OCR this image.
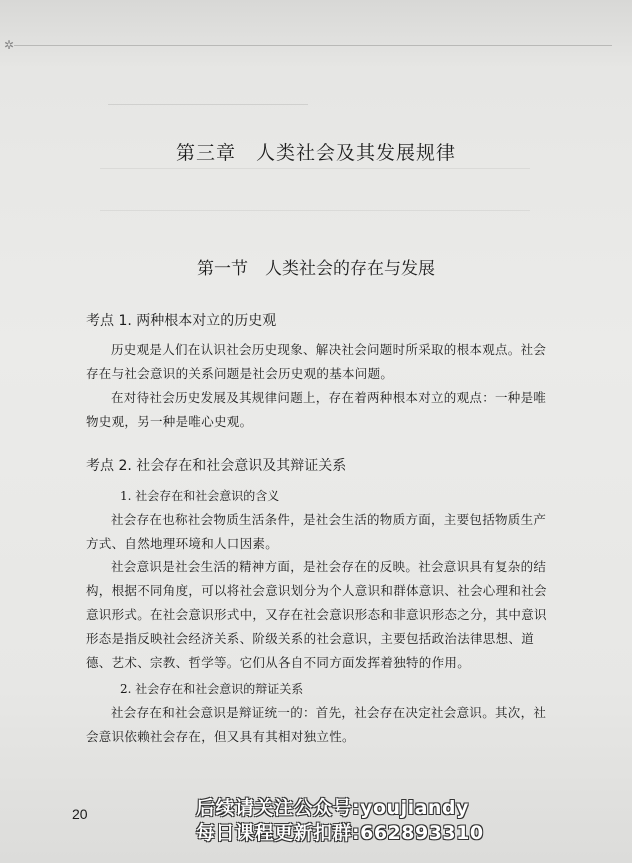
✲
第三章　人类社会及其发展规律
第一节　人类社会的存在与发展
考点 1. 两种根本对立的历史观

历史观是人们在认识社会历史现象、解决社会问题时所采取的根本观点。社会存在与社会意识的关系问题是社会历史观的基本问题。

在对待社会历史发展及其规律问题上，存在着两种根本对立的观点：一种是唯物史观，另一种是唯心史观。

考点 2. 社会存在和社会意识及其辩证关系
1. 社会存在和社会意识的含义

社会存在也称社会物质生活条件，是社会生活的物质方面，主要包括物质生产方式、自然地理环境和人口因素。

社会意识是社会生活的精神方面，是社会存在的反映。社会意识具有复杂的结构，根据不同角度，可以将社会意识划分为个人意识和群体意识、社会心理和社会意识形式。在社会意识形式中，又存在社会意识形态和非意识形态之分，其中意识形态是指反映社会经济关系、阶级关系的社会意识，主要包括政治法律思想、道德、艺术、宗教、哲学等。它们从各自不同方面发挥着独特的作用。

2. 社会存在和社会意识的辩证关系

社会存在和社会意识是辩证统一的：首先，社会存在决定社会意识。其次，社会意识依赖社会存在，但又具有其相对独立性。

20	后续请关注公众号:youjiandy
每日课程更新扣群:662893310
